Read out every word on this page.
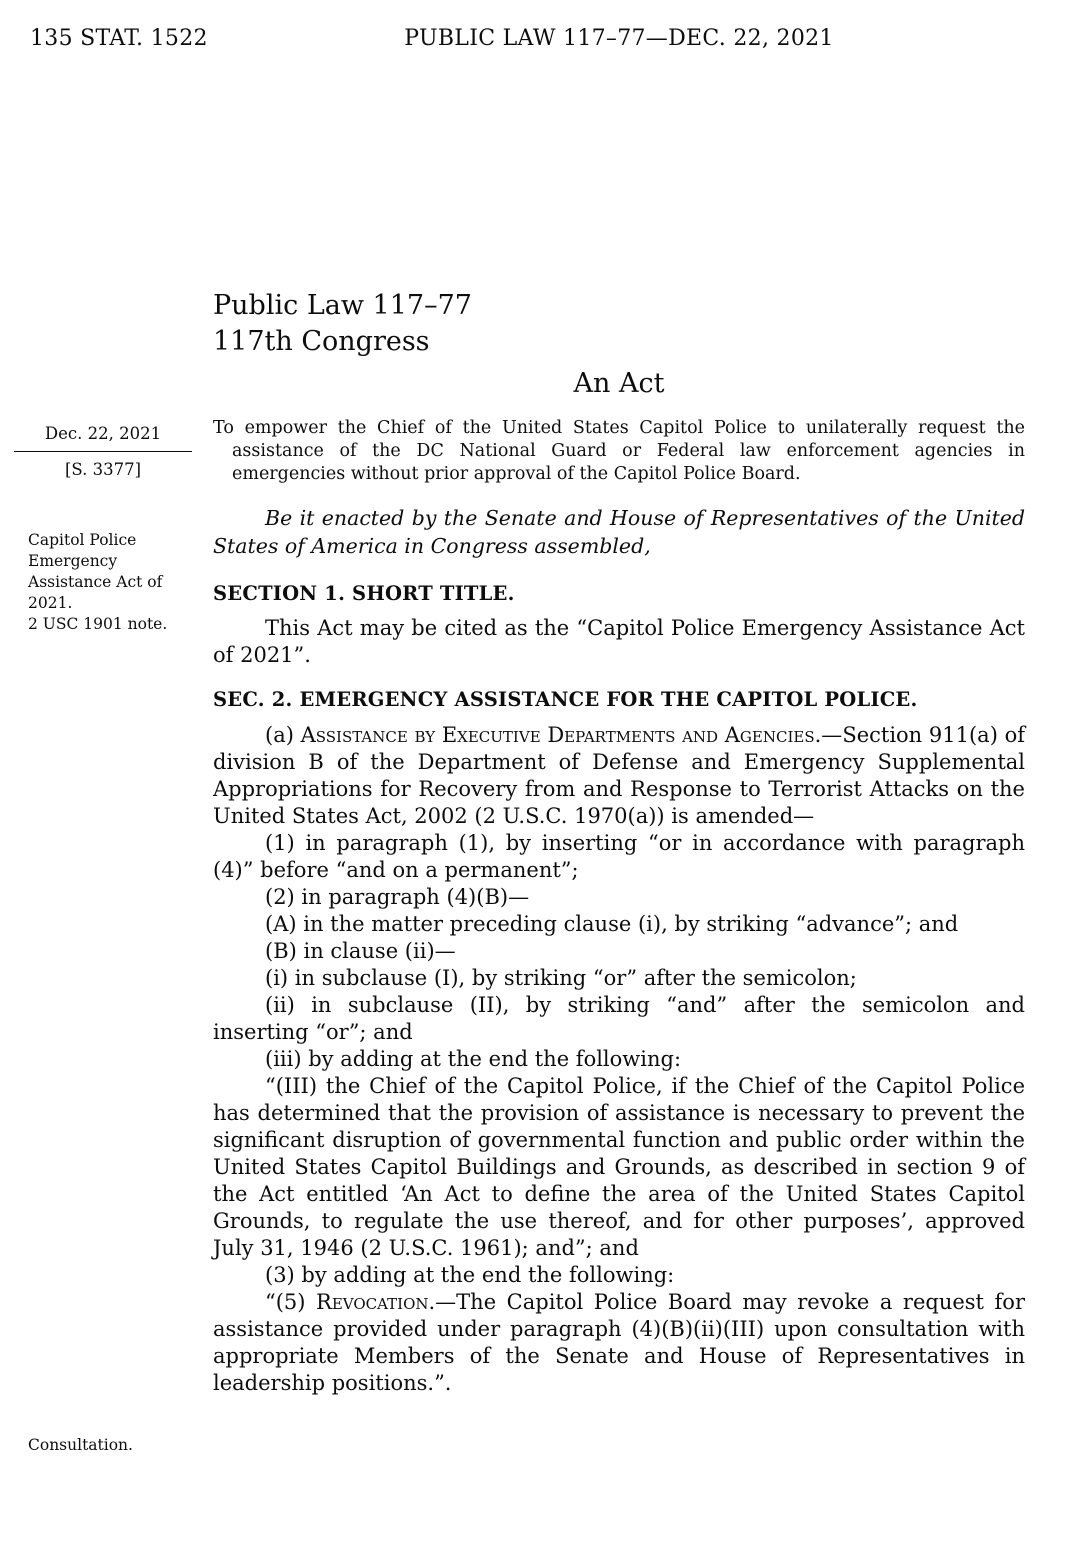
135 STAT. 1522	PUBLIC LAW 117–77—DEC. 22, 2021
Dec. 22, 2021
[S. 3377]
Capitol Police Emergency Assistance Act of 2021.
2 USC 1901 note.
Consultation.
Public Law 117–77
117th Congress
An Act

To empower the Chief of the United States Capitol Police to unilaterally request the assistance of the DC National Guard or Federal law enforcement agencies in emergencies without prior approval of the Capitol Police Board.

Be it enacted by the Senate and House of Representatives of the United States of America in Congress assembled,

SECTION 1. SHORT TITLE.

This Act may be cited as the “Capitol Police Emergency Assistance Act of 2021”.

SEC. 2. EMERGENCY ASSISTANCE FOR THE CAPITOL POLICE.

(a) Assistance by Executive Departments and Agencies.—Section 911(a) of division B of the Department of Defense and Emergency Supplemental Appropriations for Recovery from and Response to Terrorist Attacks on the United States Act, 2002 (2 U.S.C. 1970(a)) is amended—

(1) in paragraph (1), by inserting “or in accordance with paragraph (4)” before “and on a permanent”;

(2) in paragraph (4)(B)—

(A) in the matter preceding clause (i), by striking “advance”; and

(B) in clause (ii)—

(i) in subclause (I), by striking “or” after the semicolon;

(ii) in subclause (II), by striking “and” after the semicolon and inserting “or”; and

(iii) by adding at the end the following:

“(III) the Chief of the Capitol Police, if the Chief of the Capitol Police has determined that the provision of assistance is necessary to prevent the significant disruption of governmental function and public order within the United States Capitol Buildings and Grounds, as described in section 9 of the Act entitled ‘An Act to define the area of the United States Capitol Grounds, to regulate the use thereof, and for other purposes’, approved July 31, 1946 (2 U.S.C. 1961); and”; and

(3) by adding at the end the following:

“(5) Revocation.—The Capitol Police Board may revoke a request for assistance provided under paragraph (4)(B)(ii)(III) upon consultation with appropriate Members of the Senate and House of Representatives in leadership positions.”.
